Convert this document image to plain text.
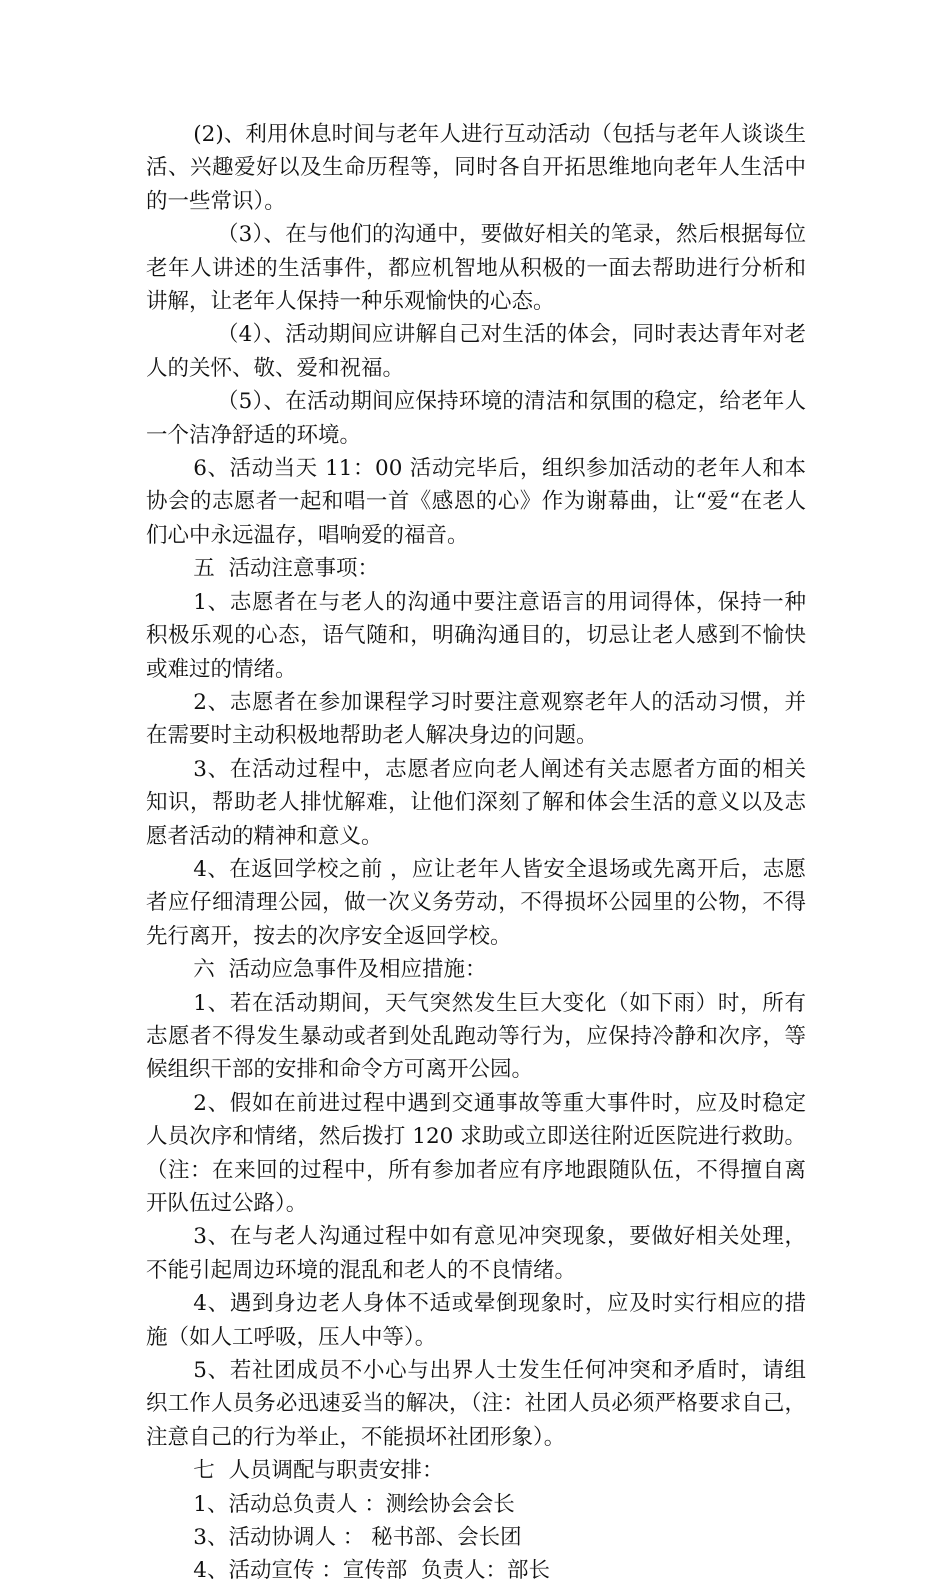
(2)、利用休息时间与老年人进行互动活动（包括与老年人谈谈生活、兴趣爱好以及生命历程等，同时各自开拓思维地向老年人生活中的一些常识）。

（3）、在与他们的沟通中，要做好相关的笔录，然后根据每位老年人讲述的生活事件，都应机智地从积极的一面去帮助进行分析和讲解，让老年人保持一种乐观愉快的心态。

（4）、活动期间应讲解自己对生活的体会，同时表达青年对老人的关怀、敬、爱和祝福。

（5）、在活动期间应保持环境的清洁和氛围的稳定，给老年人一个洁净舒适的环境。

6、活动当天 11：00 活动完毕后，组织参加活动的老年人和本协会的志愿者一起和唱一首《感恩的心》作为谢幕曲，让“爱“在老人们心中永远温存，唱响爱的福音。

五  活动注意事项：

1、志愿者在与老人的沟通中要注意语言的用词得体，保持一种积极乐观的心态，语气随和，明确沟通目的，切忌让老人感到不愉快或难过的情绪。

2、志愿者在参加课程学习时要注意观察老年人的活动习惯，并在需要时主动积极地帮助老人解决身边的问题。

3、在活动过程中，志愿者应向老人阐述有关志愿者方面的相关知识，帮助老人排忧解难，让他们深刻了解和体会生活的意义以及志愿者活动的精神和意义。

4、在返回学校之前 ，应让老年人皆安全退场或先离开后，志愿者应仔细清理公园，做一次义务劳动，不得损坏公园里的公物，不得先行离开，按去的次序安全返回学校。

六  活动应急事件及相应措施：

1、若在活动期间，天气突然发生巨大变化（如下雨）时，所有志愿者不得发生暴动或者到处乱跑动等行为，应保持冷静和次序，等候组织干部的安排和命令方可离开公园。

2、假如在前进过程中遇到交通事故等重大事件时，应及时稳定人员次序和情绪，然后拨打 120 求助或立即送往附近医院进行救助。（注：在来回的过程中，所有参加者应有序地跟随队伍，不得擅自离开队伍过公路）。

3、在与老人沟通过程中如有意见冲突现象，要做好相关处理，不能引起周边环境的混乱和老人的不良情绪。

4、遇到身边老人身体不适或晕倒现象时，应及时实行相应的措施（如人工呼吸，压人中等）。

5、若社团成员不小心与出界人士发生任何冲突和矛盾时，请组织工作人员务必迅速妥当的解决，（注：社团人员必须严格要求自己，注意自己的行为举止，不能损坏社团形象）。

七  人员调配与职责安排：

1、活动总负责人 ：测绘协会会长

3、活动协调人 ： 秘书部、会长团

4、活动宣传 ：宣传部  负责人：部长
